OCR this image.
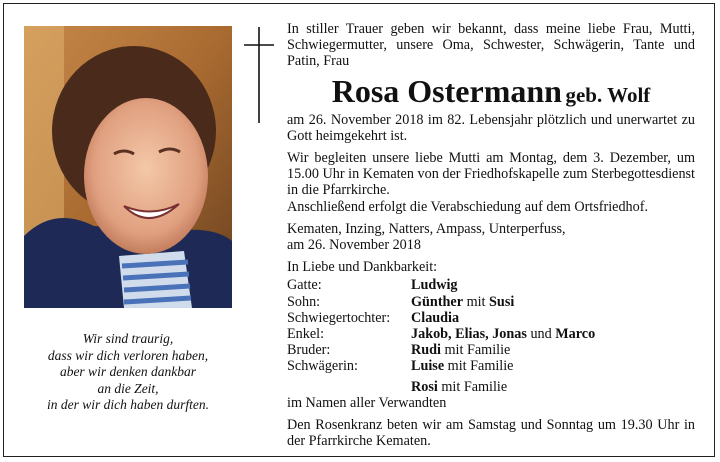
Wir sind traurig,
dass wir dich verloren haben,
aber wir denken dankbar
an die Zeit,
in der wir dich haben durften.

In stiller Trauer geben wir bekannt, dass meine liebe Frau, Mutti, Schwiegermutter, unsere Oma, Schwester, Schwägerin, Tante und Patin, Frau

Rosa Ostermann geb. Wolf

am 26. November 2018 im 82. Lebensjahr plötzlich und unerwartet zu Gott heimgekehrt ist.

Wir begleiten unsere liebe Mutti am Montag, dem 3. Dezember, um 15.00 Uhr in Kematen von der Friedhofskapelle zum Sterbegottesdienst in die Pfarrkirche.

Anschließend erfolgt die Verabschiedung auf dem Ortsfriedhof.

Kematen, Inzing, Natters, Ampass, Unterperfuss,

am 26. November 2018

In Liebe und Dankbarkeit:

Gatte:	Ludwig
Sohn:	Günther mit Susi
Schwiegertochter:	Claudia
Enkel:	Jakob, Elias, Jonas und Marco
Bruder:	Rudi mit Familie
Schwägerin:	Luise mit Familie
Rosi mit Familie

im Namen aller Verwandten

Den Rosenkranz beten wir am Samstag und Sonntag um 19.30 Uhr in der Pfarrkirche Kematen.
